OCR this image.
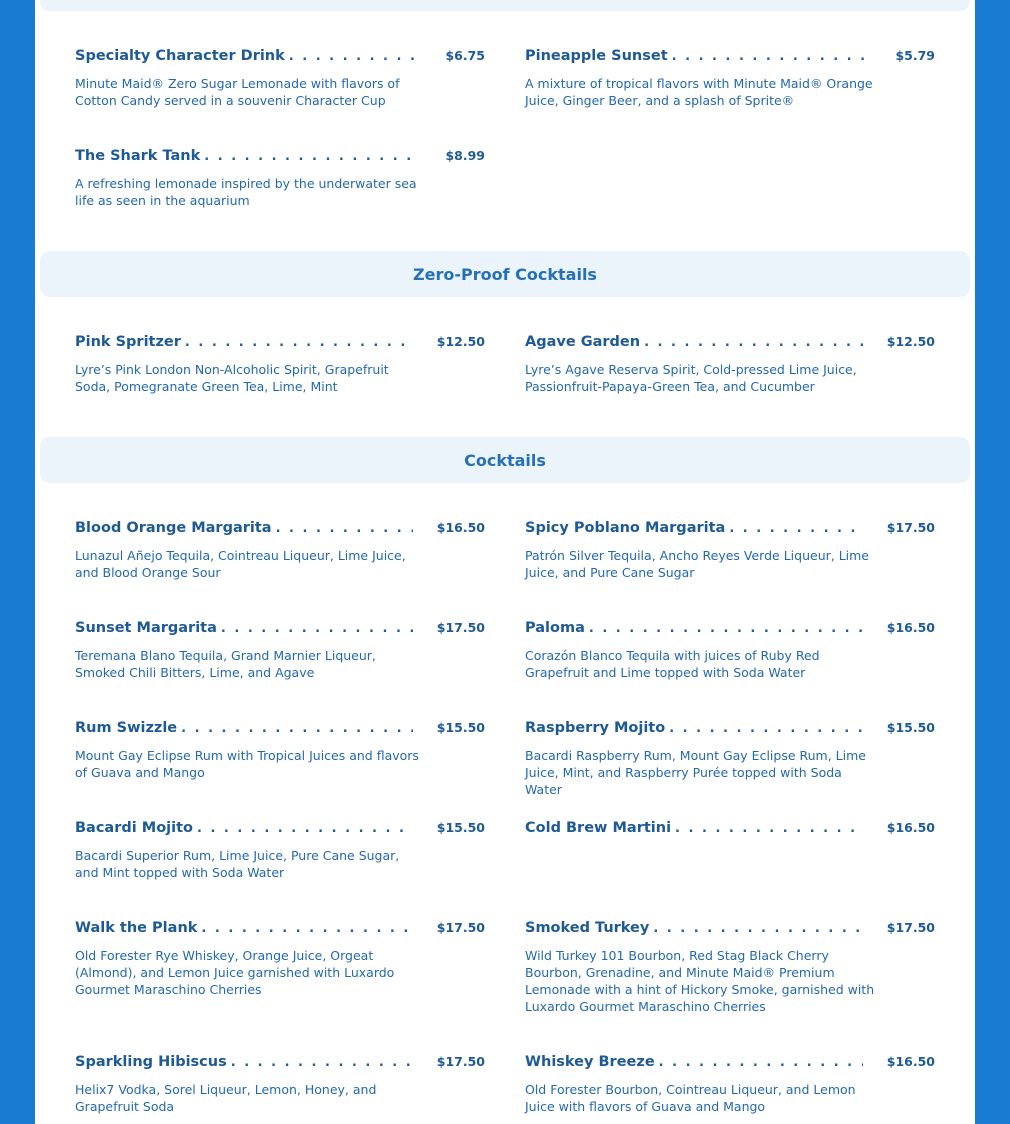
Specialty Character Drink . . .	$6.75
Minute Maid® Zero Sugar Lemonade with flavors of Cotton Candy served in a souvenir Character Cup
Pineapple Sunset . . .	$5.79
A mixture of tropical flavors with Minute Maid® Orange Juice, Ginger Beer, and a splash of Sprite®
The Shark Tank . . .	$8.99
A refreshing lemonade inspired by the underwater sea life as seen in the aquarium
Zero-Proof Cocktails
Pink Spritzer . . .	$12.50
Lyre’s Pink London Non-Alcoholic Spirit, Grapefruit Soda, Pomegranate Green Tea, Lime, Mint
Agave Garden . . .	$12.50
Lyre’s Agave Reserva Spirit, Cold-pressed Lime Juice, Passionfruit-Papaya-Green Tea, and Cucumber
Cocktails
Blood Orange Margarita . . .	$16.50
Lunazul Añejo Tequila, Cointreau Liqueur, Lime Juice, and Blood Orange Sour
Spicy Poblano Margarita . . .	$17.50
Patrón Silver Tequila, Ancho Reyes Verde Liqueur, Lime Juice, and Pure Cane Sugar
Sunset Margarita . . .	$17.50
Teremana Blano Tequila, Grand Marnier Liqueur, Smoked Chili Bitters, Lime, and Agave
Paloma . . .	$16.50
Corazón Blanco Tequila with juices of Ruby Red Grapefruit and Lime topped with Soda Water
Rum Swizzle . . .	$15.50
Mount Gay Eclipse Rum with Tropical Juices and flavors of Guava and Mango
Raspberry Mojito . . .	$15.50
Bacardi Raspberry Rum, Mount Gay Eclipse Rum, Lime Juice, Mint, and Raspberry Purée topped with Soda Water
Bacardi Mojito . . .	$15.50
Bacardi Superior Rum, Lime Juice, Pure Cane Sugar, and Mint topped with Soda Water
Cold Brew Martini . . .	$16.50
Walk the Plank . . .	$17.50
Old Forester Rye Whiskey, Orange Juice, Orgeat (Almond), and Lemon Juice garnished with Luxardo Gourmet Maraschino Cherries
Smoked Turkey . . .	$17.50
Wild Turkey 101 Bourbon, Red Stag Black Cherry Bourbon, Grenadine, and Minute Maid® Premium Lemonade with a hint of Hickory Smoke, garnished with Luxardo Gourmet Maraschino Cherries
Sparkling Hibiscus . . .	$17.50
Helix7 Vodka, Sorel Liqueur, Lemon, Honey, and Grapefruit Soda
Whiskey Breeze . . .	$16.50
Old Forester Bourbon, Cointreau Liqueur, and Lemon Juice with flavors of Guava and Mango
